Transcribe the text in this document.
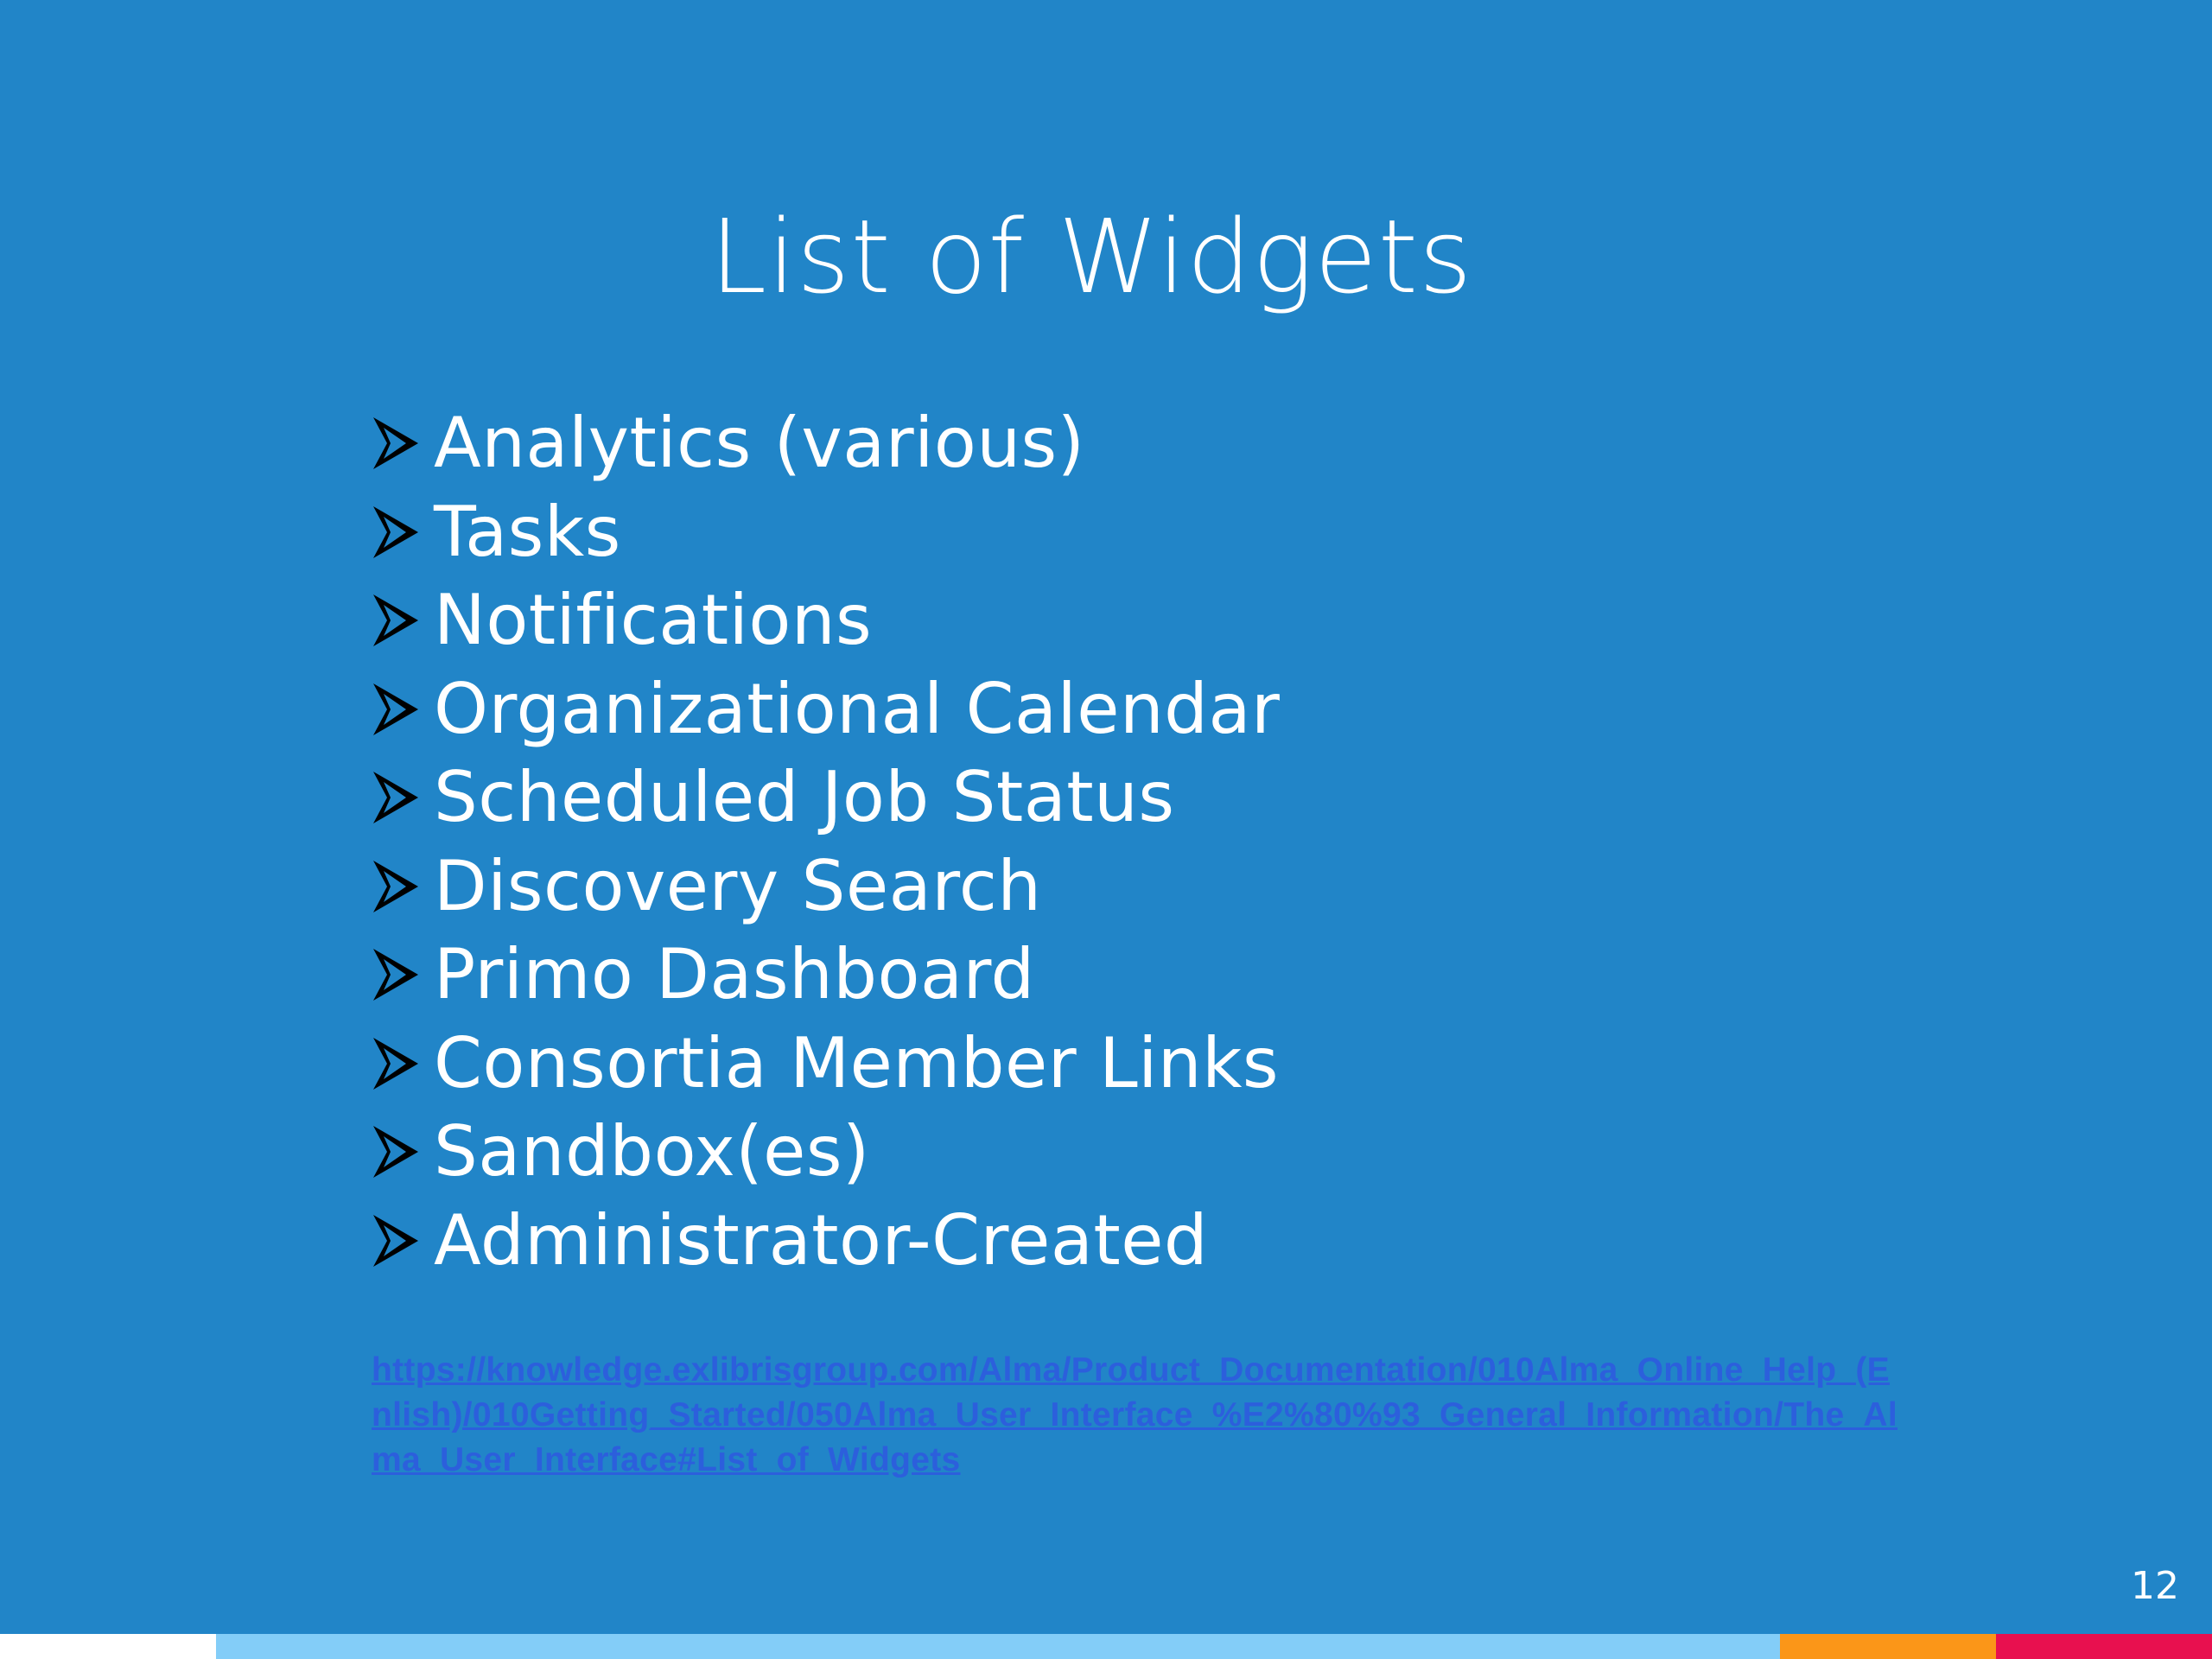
List of Widgets
Analytics (various)
Tasks
Notifications
Organizational Calendar
Scheduled Job Status
Discovery Search
Primo Dashboard
Consortia Member Links
Sandbox(es)
Administrator-Created
https://knowledge.exlibrisgroup.com/Alma/Product_Documentation/010Alma_Online_Help_(Enlish)/010Getting_Started/050Alma_User_Interface_%E2%80%93_General_Information/The_Alma_User_Interface#List_of_Widgets
12
